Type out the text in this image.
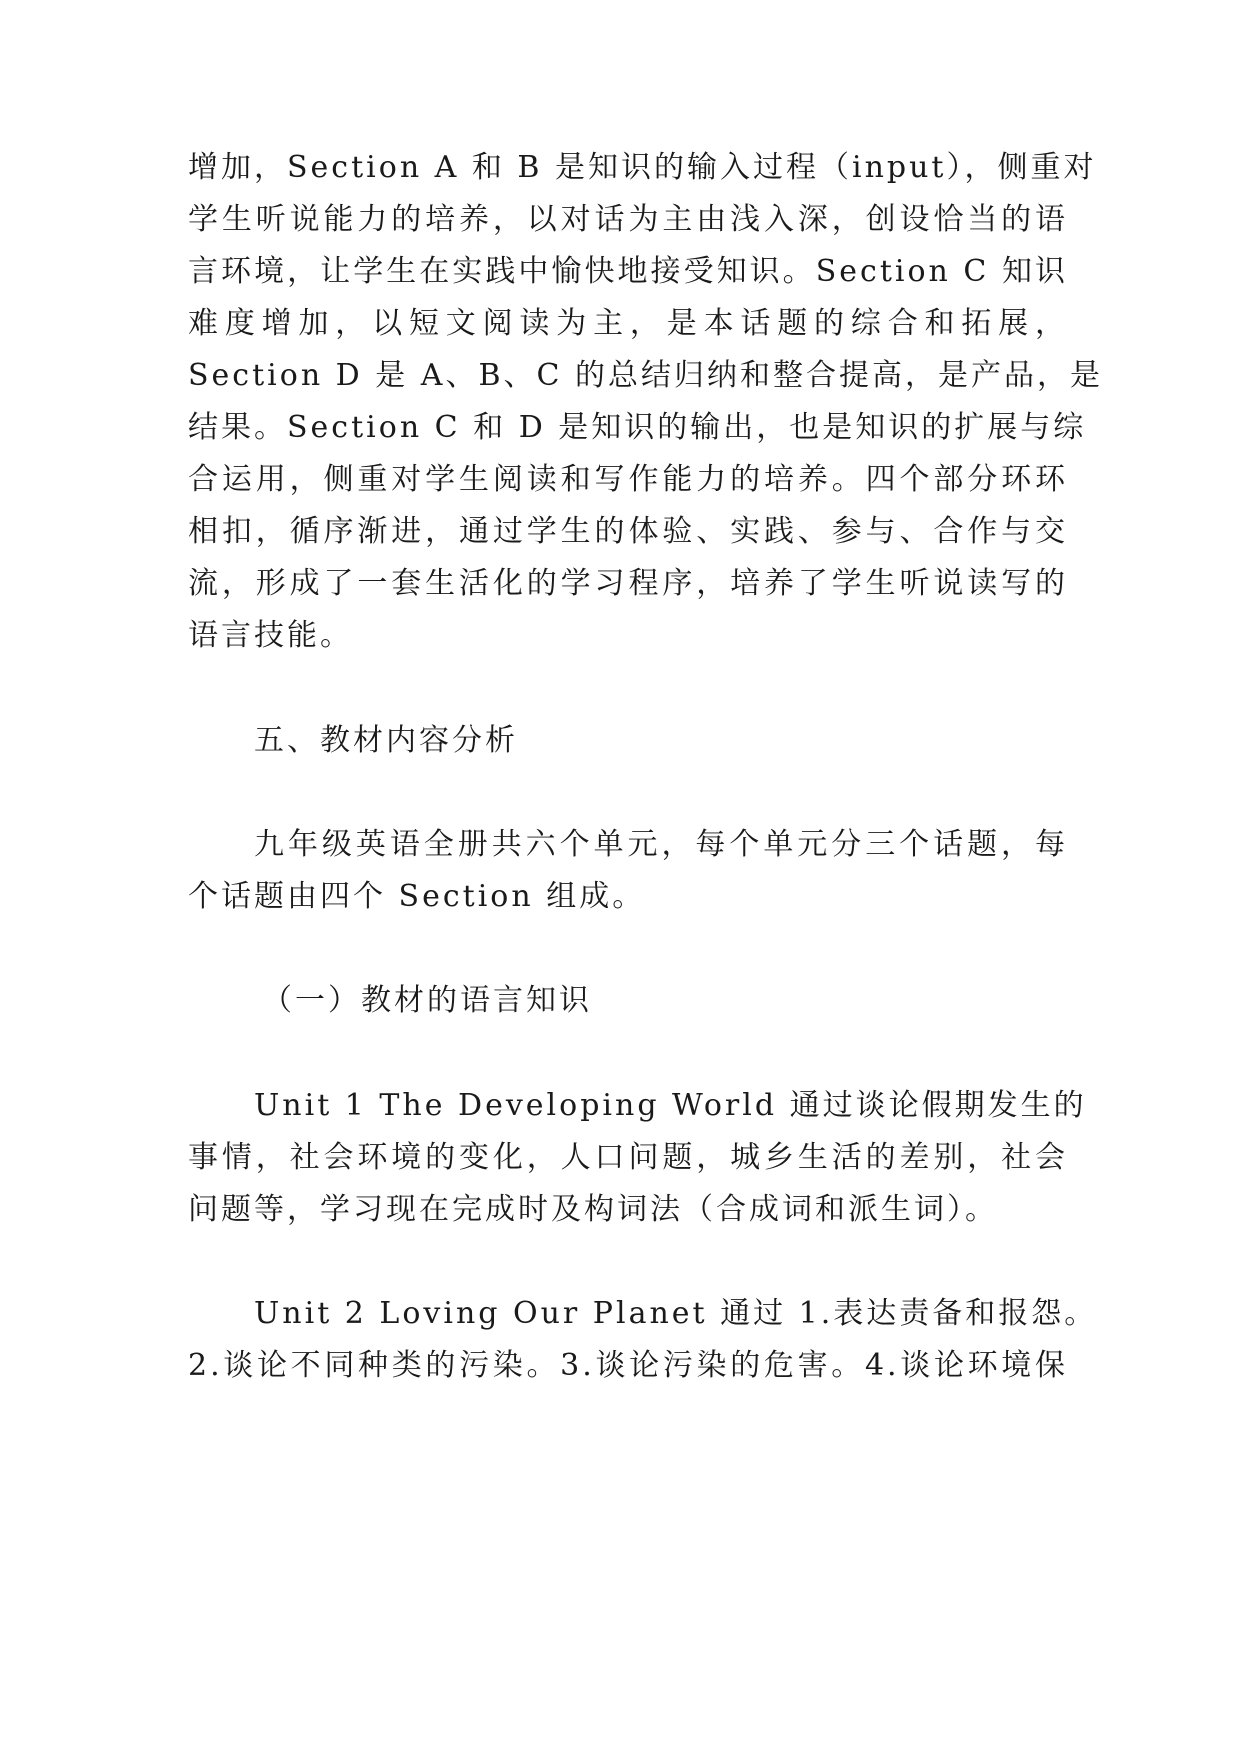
增加，Section A 和 B 是知识的输入过程（input），侧重对
学生听说能力的培养，以对话为主由浅入深，创设恰当的语
言环境，让学生在实践中愉快地接受知识。Section C 知识
难度增加，以短文阅读为主，是本话题的综合和拓展，
Section D 是 A、B、C 的总结归纳和整合提高，是产品，是
结果。Section C 和 D 是知识的输出，也是知识的扩展与综
合运用，侧重对学生阅读和写作能力的培养。四个部分环环
相扣，循序渐进，通过学生的体验、实践、参与、合作与交
流，形成了一套生活化的学习程序，培养了学生听说读写的
语言技能。
五、教材内容分析
九年级英语全册共六个单元，每个单元分三个话题，每
个话题由四个 Section 组成。
（一）教材的语言知识
Unit 1 The Developing World 通过谈论假期发生的
事情，社会环境的变化，人口问题，城乡生活的差别，社会
问题等，学习现在完成时及构词法（合成词和派生词）。
Unit 2 Loving Our Planet 通过 1.表达责备和报怨。
2.谈论不同种类的污染。3.谈论污染的危害。4.谈论环境保
